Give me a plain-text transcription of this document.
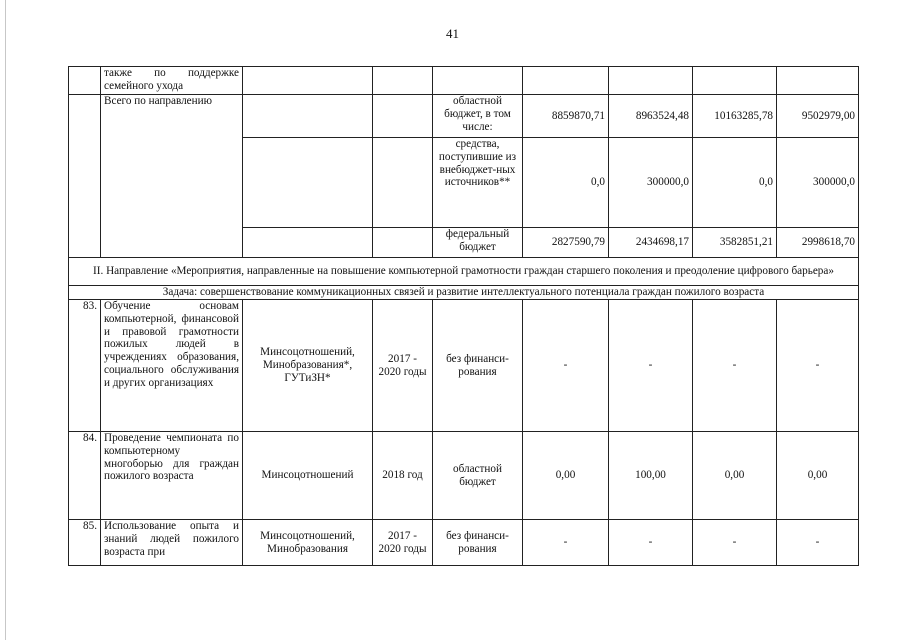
41
	также по поддержке семейного ухода							
	Всего по направлению			областной бюджет, в том числе:	8859870,71	8963524,48	10163285,78	9502979,00
				средства, поступившие из внебюджет-ных источников**	0,0	300000,0	0,0	300000,0
				федеральный бюджет	2827590,79	2434698,17	3582851,21	2998618,70
II. Направление «Мероприятия, направленные на повышение компьютерной грамотности граждан старшего поколения и преодоление цифрового барьера»								
Задача: совершенствование коммуникационных связей и развитие интеллектуального потенциала граждан пожилого возраста								
83.	Обучение основам компьютерной, финансовой и правовой грамотности пожилых людей в учреждениях образования, социального обслуживания и других организациях	Минсоцотношений, Минобразования*, ГУТиЗН*	2017 - 2020 годы	без финанси-рования	-	-	-	-
84.	Проведение чемпионата по компьютерному многоборью для граждан пожилого возраста	Минсоцотношений	2018 год	областной бюджет	0,00	100,00	0,00	0,00
85.	Использование опыта и знаний людей пожилого возраста при	Минсоцотношений, Минобразования	2017 - 2020 годы	без финанси-рования	-	-	-	-
